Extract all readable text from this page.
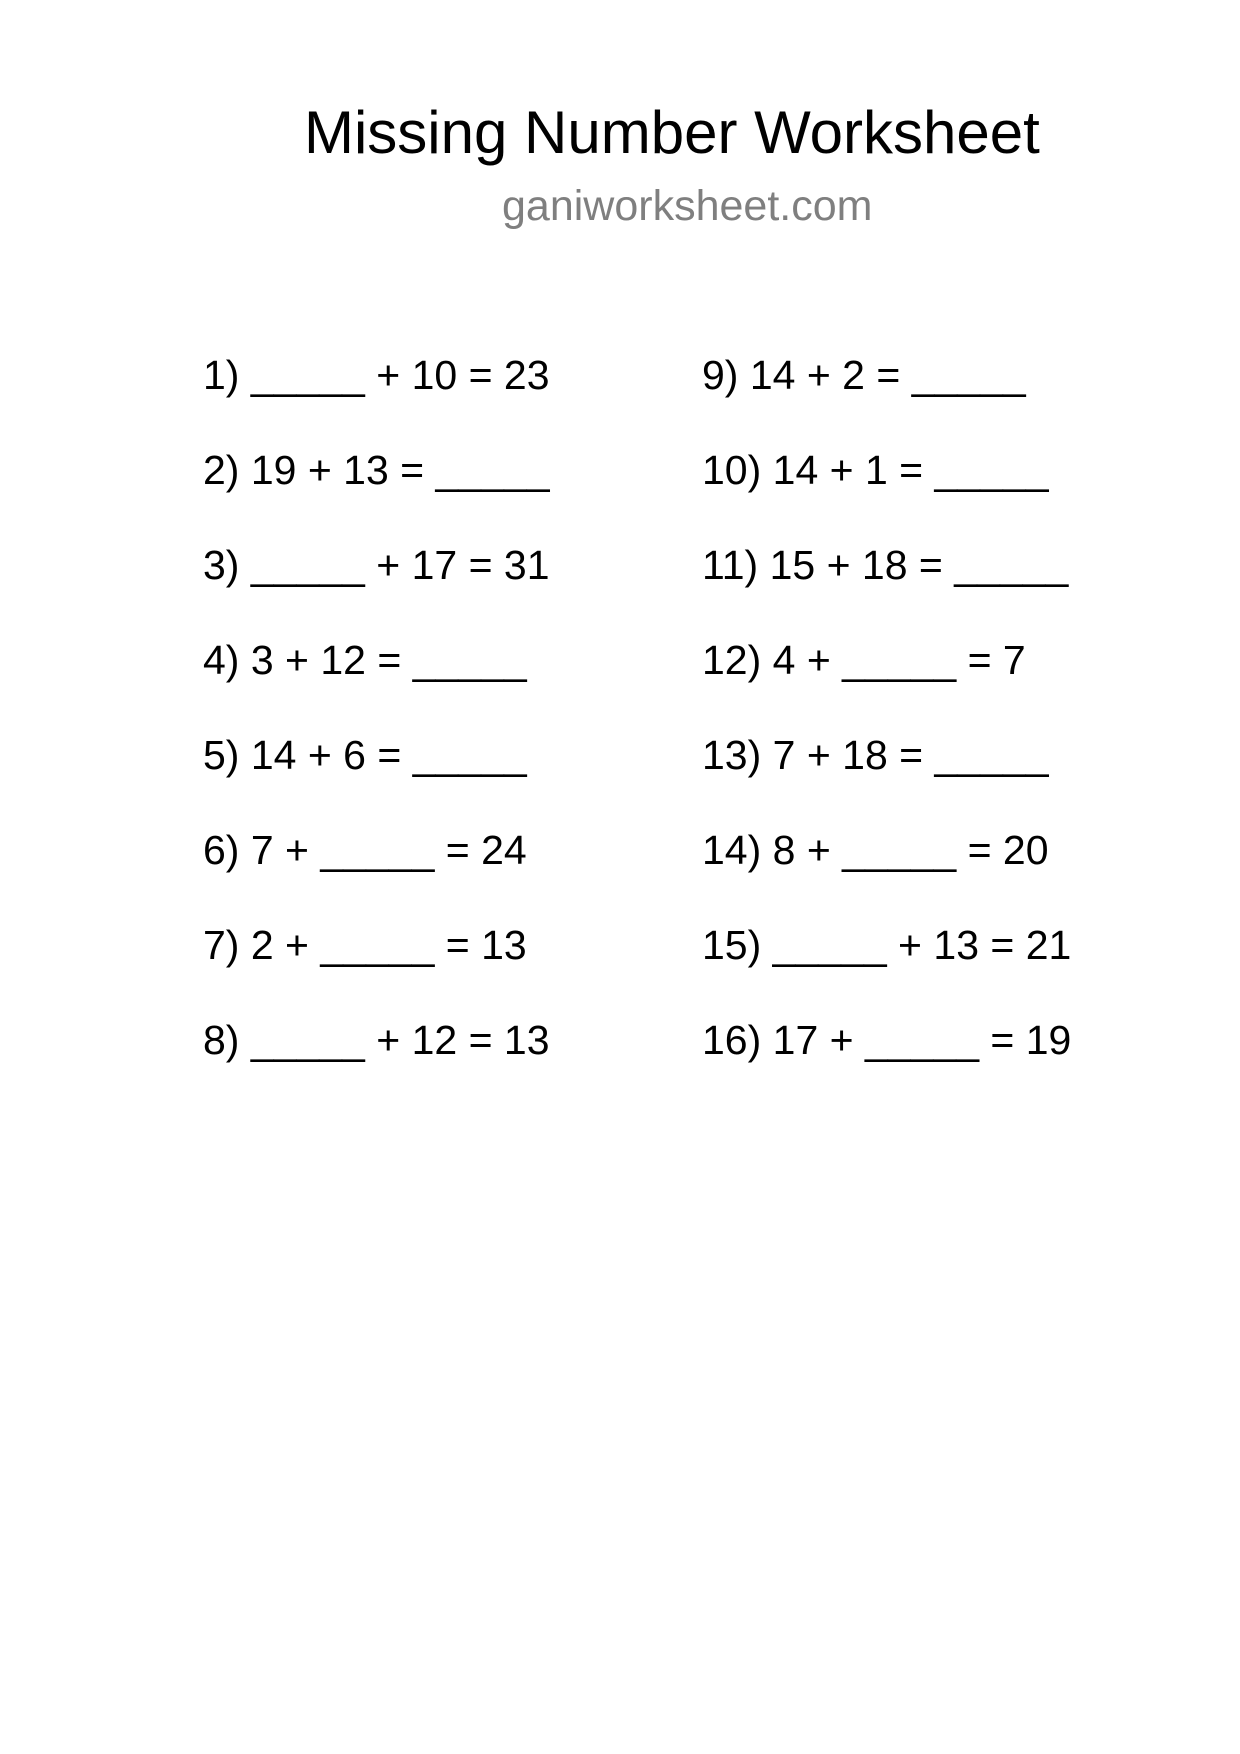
Missing Number Worksheet
ganiworksheet.com
1) _____ + 10 = 23
2) 19 + 13 = _____
3) _____ + 17 = 31
4) 3 + 12 = _____
5) 14 + 6 = _____
6) 7 + _____ = 24
7) 2 + _____ = 13
8) _____ + 12 = 13
9) 14 + 2 = _____
10) 14 + 1 = _____
11) 15 + 18 = _____
12) 4 + _____ = 7
13) 7 + 18 = _____
14) 8 + _____ = 20
15) _____ + 13 = 21
16) 17 + _____ = 19
